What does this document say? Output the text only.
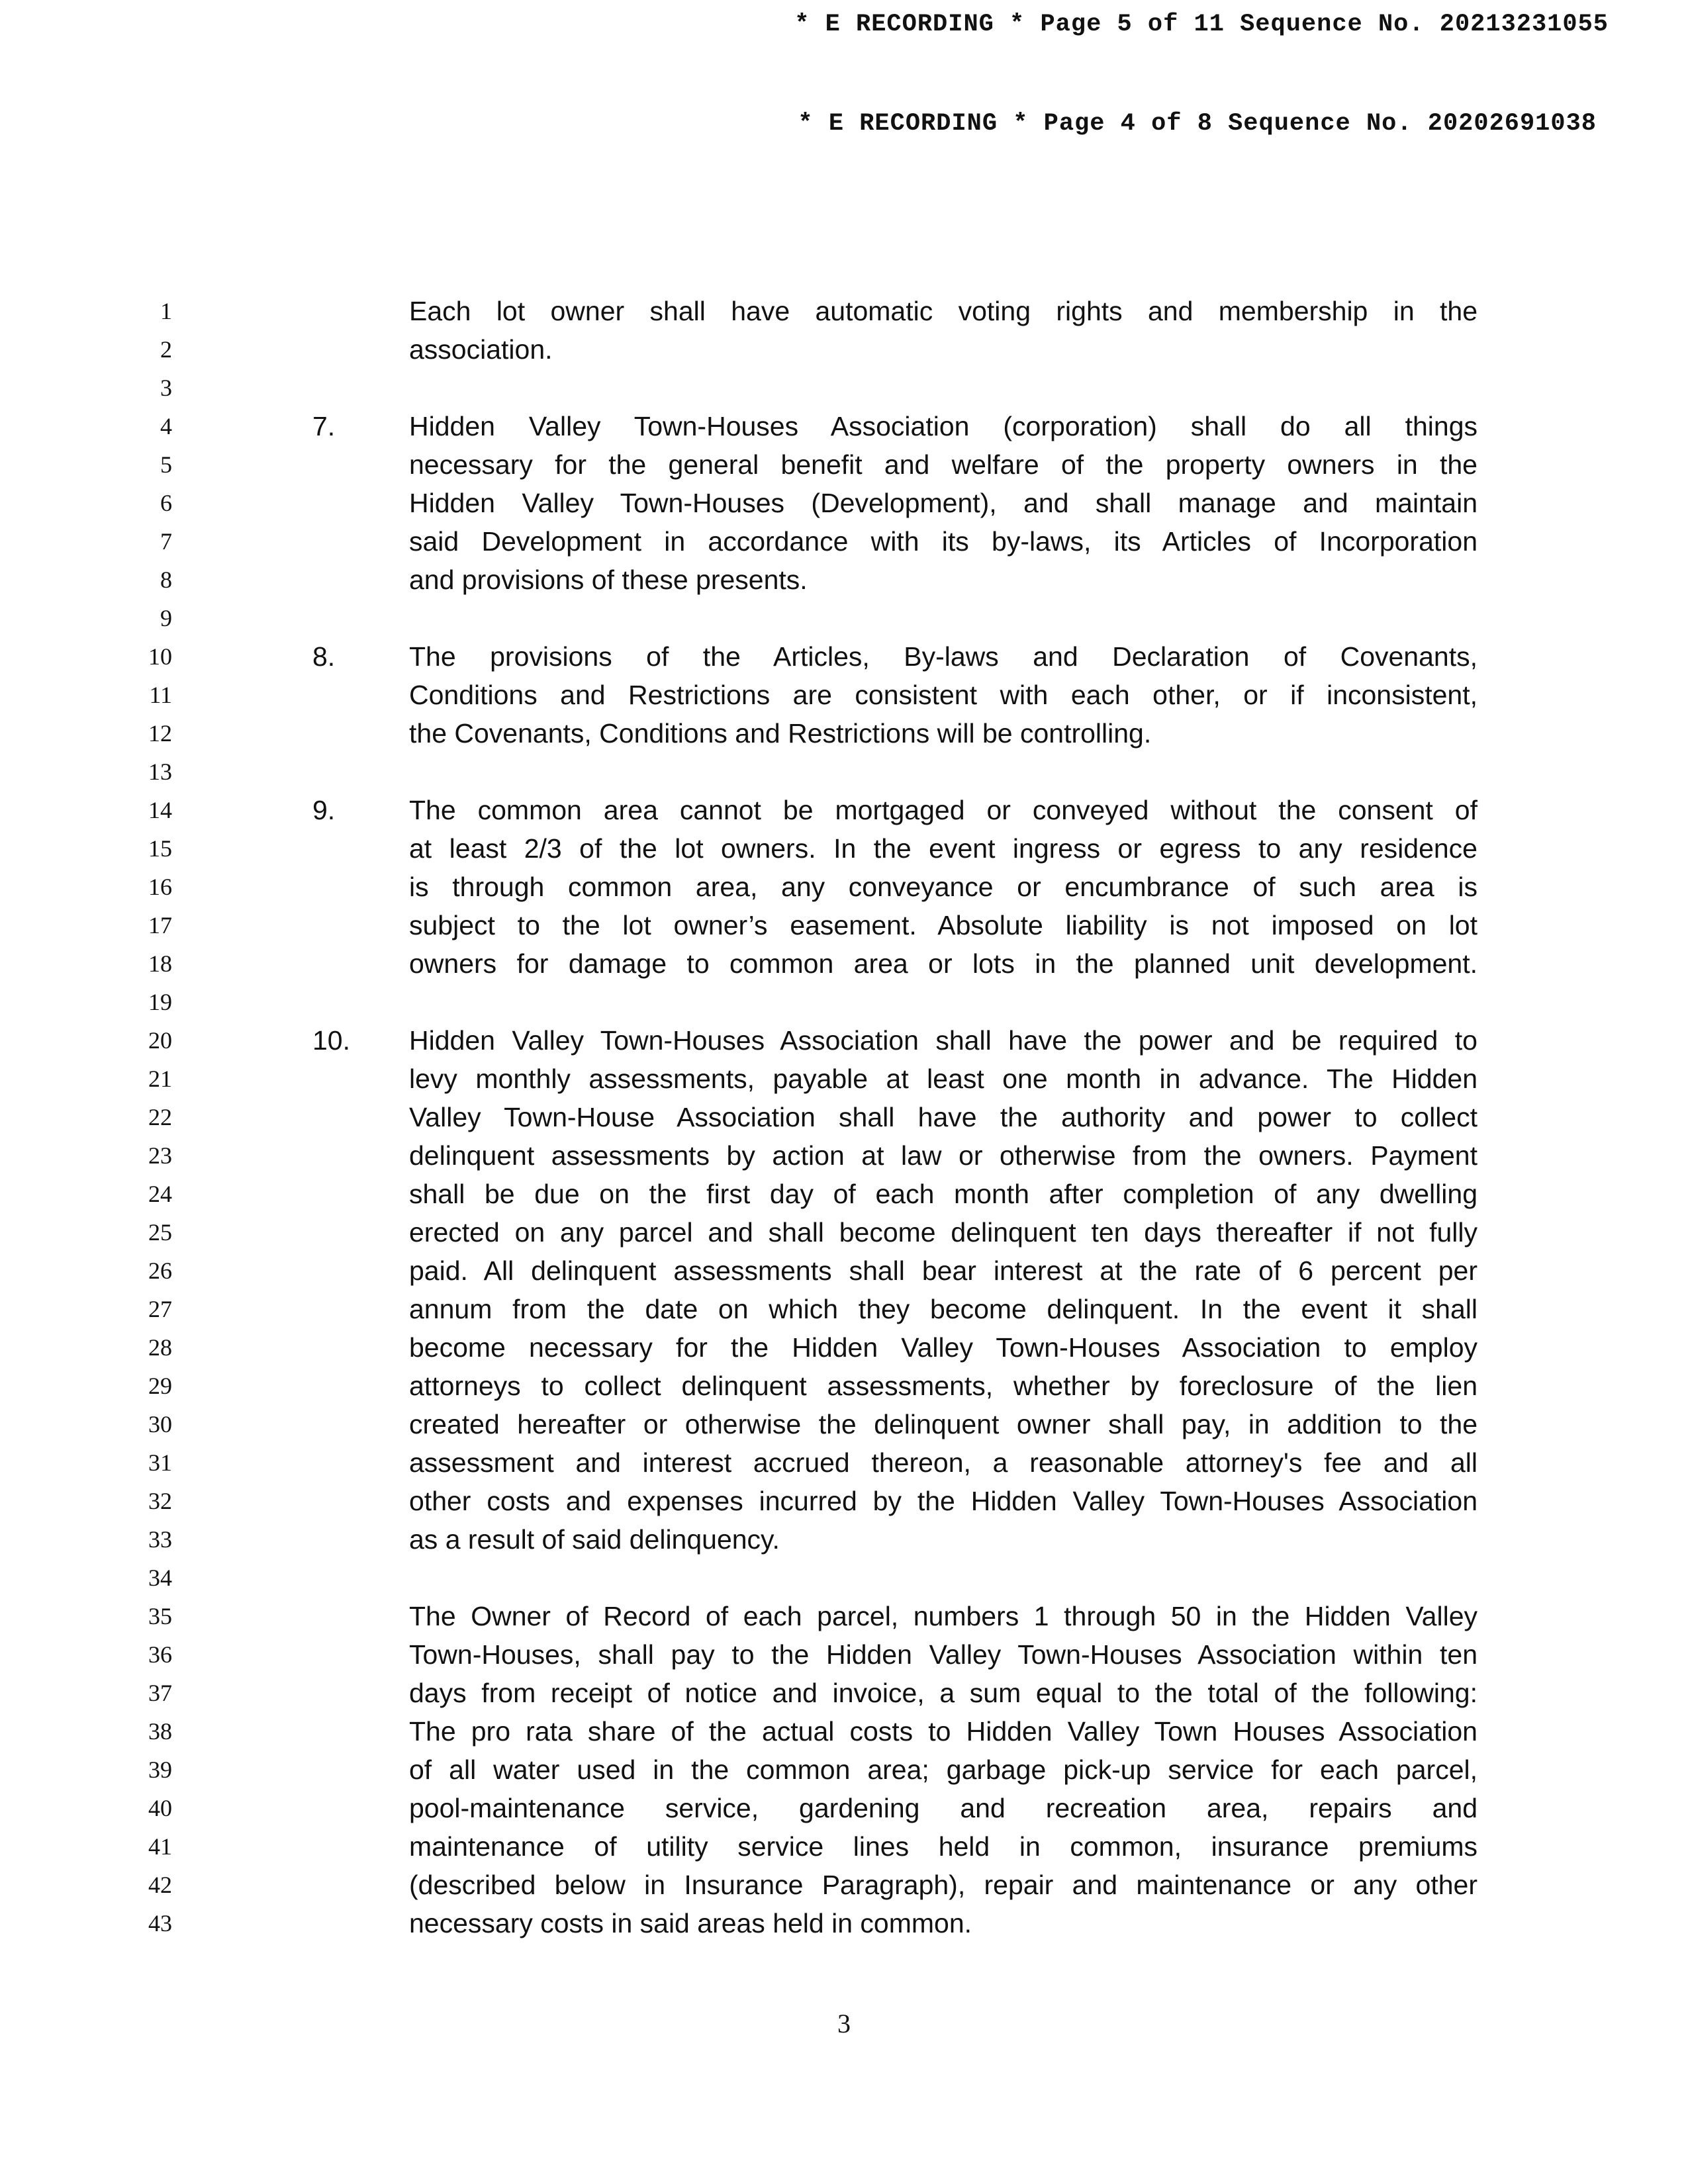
* E RECORDING * Page 5 of 11 Sequence No. 20213231055
* E RECORDING * Page 4 of 8 Sequence No. 20202691038
1
2
3
4
5
6
7
8
9
10
11
12
13
14
15
16
17
18
19
20
21
22
23
24
25
26
27
28
29
30
31
32
33
34
35
36
37
38
39
40
41
42
43
7.
8.
9.
10.
Each lot owner shall have automatic voting rights and membership in the
association.
Hidden Valley Town-Houses Association (corporation) shall do all things
necessary for the general benefit and welfare of the property owners in the
Hidden Valley Town-Houses (Development), and shall manage and maintain
said Development in accordance with its by-laws, its Articles of Incorporation
and provisions of these presents.
The provisions of the Articles, By-laws and Declaration of Covenants,
Conditions and Restrictions are consistent with each other, or if inconsistent,
the Covenants, Conditions and Restrictions will be controlling.
The common area cannot be mortgaged or conveyed without the consent of
at least 2/3 of the lot owners. In the event ingress or egress to any residence
is through common area, any conveyance or encumbrance of such area is
subject to the lot owner’s easement. Absolute liability is not imposed on lot
owners for damage to common area or lots in the planned unit development.
Hidden Valley Town-Houses Association shall have the power and be required to
levy monthly assessments, payable at least one month in advance. The Hidden
Valley Town-House Association shall have the authority and power to collect
delinquent assessments by action at law or otherwise from the owners. Payment
shall be due on the first day of each month after completion of any dwelling
erected on any parcel and shall become delinquent ten days thereafter if not fully
paid. All delinquent assessments shall bear interest at the rate of 6 percent per
annum from the date on which they become delinquent. In the event it shall
become necessary for the Hidden Valley Town-Houses Association to employ
attorneys to collect delinquent assessments, whether by foreclosure of the lien
created hereafter or otherwise the delinquent owner shall pay, in addition to the
assessment and interest accrued thereon, a reasonable attorney's fee and all
other costs and expenses incurred by the Hidden Valley Town-Houses Association
as a result of said delinquency.
The Owner of Record of each parcel, numbers 1 through 50 in the Hidden Valley
Town-Houses, shall pay to the Hidden Valley Town-Houses Association within ten
days from receipt of notice and invoice, a sum equal to the total of the following:
The pro rata share of the actual costs to Hidden Valley Town Houses Association
of all water used in the common area; garbage pick-up service for each parcel,
pool-maintenance service, gardening and recreation area, repairs and
maintenance of utility service lines held in common, insurance premiums
(described below in Insurance Paragraph), repair and maintenance or any other
necessary costs in said areas held in common.
3
